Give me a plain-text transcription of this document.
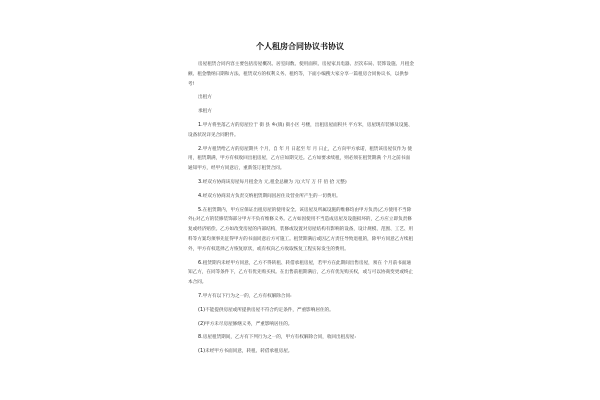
个人租房合同协议书协议

房屋租赁合同内容主要包括房屋概况、居室间数、使用面积、房屋家具电器、层次布局、装饰设施、月租金额、租金缴纳日期和方法、租赁双方的权利义务、租约等，下面小编搜大家分享一篇租房合同协议书，以供参考!

出租方

承租方

1.甲方将坐落乙方的房屋位于 街 县 乡(镇) 街小区 号楼，出租房屋面积共 平方米，房屋现有装修及设施、设备状况详见合同附件。

2.甲方租赁给乙方的房屋期共 个月，自 年 月 日起至 年 月 日止，乙方向甲方承诺，租赁该房屋仅作为 使用，租赁期满，甲方有权收回出租房屋，乙方应如期交还。乙方如要求续租，则必须在租赁期满 个月之前书面通知甲方，经甲方同意后，重新签订租赁合同。

3.经双方协商该房屋每月租金为 元,租金总额为 元(大写 万 仟 佰 拾 元整)

4.经双方协商双方负责交纳租赁期间因居住及营业所产生的一切费用。

5.在租赁期内，甲方应保证出租房屋的使用安全。该房屋及所属设施的维修均由甲方负责(乙方使用不当除外);对乙方的装修装饰部分甲方不负有维修义务。乙方如因使用不当造成房屋及设施损坏的，乙方应立即负责修复或经济赔偿。乙方如改变房屋的内部结构，装修或设置对房屋结构有影响的设备，设计规模、范围、工艺、用料等方案均须事先征得甲方的书面同意后方可施工。租赁期满后或因乙方责任导致退租的，除甲方同意乙方续租外，甲方有权选择乙方恢复原状，或有权向乙方收取恢复工程实际发生的费用。

6.租赁期内未经甲方同意，乙方不得转租、转借承租房屋，若甲方在此期间出售房屋，须在 个月前书面通知乙方，在同等条件下，乙方有优先购买权。在出售前租期满后，乙方有优先购买权，或与可以协商变更或终止本合同。

7.甲方有以下行为之一的，乙方有权解除合同:

(1)不能提供房屋或所提供房屋不符合约定条件，严重影响居住的。

(2)甲方未尽房屋修缮义务，严重影响居住的。

8.房屋租赁期间，乙方有下列行为之一的，甲方有权解除合同，收回出租房屋:

(1)未经甲方书面同意，转租、转借承租房屋。
